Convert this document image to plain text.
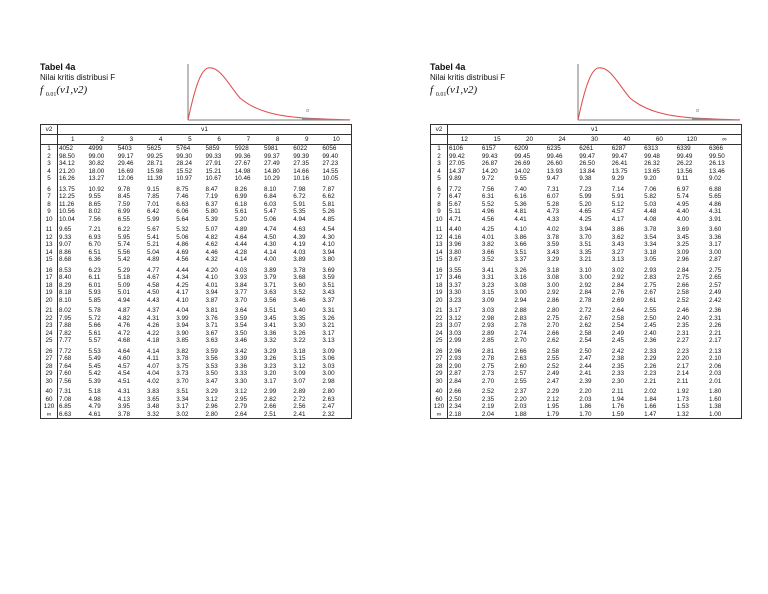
Tabel 4a
Nilai kritis distribusi F
f $_{0.01}$(ν1,ν2)
α
ν2	ν1									
	1	2	3	4	5	6	7	8	9	10
1	4052	4999	5403	5625	5764	5859	5928	5981	6022	6056
2	98.50	99.00	99.17	99.25	99.30	99.33	99.36	99.37	99.39	99.40
3	34.12	30.82	29.46	28.71	28.24	27.91	27.67	27.49	27.35	27.23
4	21.20	18.00	16.69	15.98	15.52	15.21	14.98	14.80	14.66	14.55
5	16.26	13.27	12.06	11.39	10.97	10.67	10.46	10.29	10.16	10.05
6	13.75	10.92	9.78	9.15	8.75	8.47	8.26	8.10	7.98	7.87
7	12.25	9.55	8.45	7.85	7.46	7.19	6.99	6.84	6.72	6.62
8	11.26	8.65	7.59	7.01	6.63	6.37	6.18	6.03	5.91	5.81
9	10.56	8.02	6.99	6.42	6.06	5.80	5.61	5.47	5.35	5.26
10	10.04	7.56	6.55	5.99	5.64	5.39	5.20	5.06	4.94	4.85
11	9.65	7.21	6.22	5.67	5.32	5.07	4.89	4.74	4.63	4.54
12	9.33	6.93	5.95	5.41	5.06	4.82	4.64	4.50	4.39	4.30
13	9.07	6.70	5.74	5.21	4.86	4.62	4.44	4.30	4.19	4.10
14	8.86	6.51	5.56	5.04	4.69	4.46	4.28	4.14	4.03	3.94
15	8.68	6.36	5.42	4.89	4.56	4.32	4.14	4.00	3.89	3.80
16	8.53	6.23	5.29	4.77	4.44	4.20	4.03	3.89	3.78	3.69
17	8.40	6.11	5.18	4.67	4.34	4.10	3.93	3.79	3.68	3.59
18	8.29	6.01	5.09	4.58	4.25	4.01	3.84	3.71	3.60	3.51
19	8.18	5.93	5.01	4.50	4.17	3.94	3.77	3.63	3.52	3.43
20	8.10	5.85	4.94	4.43	4.10	3.87	3.70	3.56	3.46	3.37
21	8.02	5.78	4.87	4.37	4.04	3.81	3.64	3.51	3.40	3.31
22	7.95	5.72	4.82	4.31	3.99	3.76	3.59	3.45	3.35	3.26
23	7.88	5.66	4.76	4.26	3.94	3.71	3.54	3.41	3.30	3.21
24	7.82	5.61	4.72	4.22	3.90	3.67	3.50	3.36	3.26	3.17
25	7.77	5.57	4.68	4.18	3.85	3.63	3.46	3.32	3.22	3.13
26	7.72	5.53	4.64	4.14	3.82	3.59	3.42	3.29	3.18	3.09
27	7.68	5.49	4.60	4.11	3.78	3.56	3.39	3.26	3.15	3.06
28	7.64	5.45	4.57	4.07	3.75	3.53	3.36	3.23	3.12	3.03
29	7.60	5.42	4.54	4.04	3.73	3.50	3.33	3.20	3.09	3.00
30	7.56	5.39	4.51	4.02	3.70	3.47	3.30	3.17	3.07	2.98
40	7.31	5.18	4.31	3.83	3.51	3.29	3.12	2.99	2.89	2.80
60	7.08	4.98	4.13	3.65	3.34	3.12	2.95	2.82	2.72	2.63
120	6.85	4.79	3.95	3.48	3.17	2.96	2.79	2.66	2.56	2.47
∞	6.63	4.61	3.78	3.32	3.02	2.80	2.64	2.51	2.41	2.32
Tabel 4a
Nilai kritis distribusi F
f $_{0.01}$(ν1,ν2)
α
ν2	ν1								
	12	15	20	24	30	40	60	120	∞
1	6106	6157	6209	6235	6261	6287	6313	6339	6366
2	99.42	99.43	99.45	99.46	99.47	99.47	99.48	99.49	99.50
3	27.05	26.87	26.69	26.60	26.50	26.41	26.32	26.22	26.13
4	14.37	14.20	14.02	13.93	13.84	13.75	13.65	13.56	13.46
5	9.89	9.72	9.55	9.47	9.38	9.29	9.20	9.11	9.02
6	7.72	7.56	7.40	7.31	7.23	7.14	7.06	6.97	6.88
7	6.47	6.31	6.16	6.07	5.99	5.91	5.82	5.74	5.65
8	5.67	5.52	5.36	5.28	5.20	5.12	5.03	4.95	4.86
9	5.11	4.96	4.81	4.73	4.65	4.57	4.48	4.40	4.31
10	4.71	4.56	4.41	4.33	4.25	4.17	4.08	4.00	3.91
11	4.40	4.25	4.10	4.02	3.94	3.86	3.78	3.69	3.60
12	4.16	4.01	3.86	3.78	3.70	3.62	3.54	3.45	3.36
13	3.96	3.82	3.66	3.59	3.51	3.43	3.34	3.25	3.17
14	3.80	3.66	3.51	3.43	3.35	3.27	3.18	3.09	3.00
15	3.67	3.52	3.37	3.29	3.21	3.13	3.05	2.96	2.87
16	3.55	3.41	3.26	3.18	3.10	3.02	2.93	2.84	2.75
17	3.46	3.31	3.16	3.08	3.00	2.92	2.83	2.75	2.65
18	3.37	3.23	3.08	3.00	2.92	2.84	2.75	2.66	2.57
19	3.30	3.15	3.00	2.92	2.84	2.76	2.67	2.58	2.49
20	3.23	3.09	2.94	2.86	2.78	2.69	2.61	2.52	2.42
21	3.17	3.03	2.88	2.80	2.72	2.64	2.55	2.46	2.36
22	3.12	2.98	2.83	2.75	2.67	2.58	2.50	2.40	2.31
23	3.07	2.93	2.78	2.70	2.62	2.54	2.45	2.35	2.26
24	3.03	2.89	2.74	2.66	2.58	2.49	2.40	2.31	2.21
25	2.99	2.85	2.70	2.62	2.54	2.45	2.36	2.27	2.17
26	2.96	2.81	2.66	2.58	2.50	2.42	2.33	2.23	2.13
27	2.93	2.78	2.63	2.55	2.47	2.38	2.29	2.20	2.10
28	2.90	2.75	2.60	2.52	2.44	2.35	2.26	2.17	2.06
29	2.87	2.73	2.57	2.49	2.41	2.33	2.23	2.14	2.03
30	2.84	2.70	2.55	2.47	2.39	2.30	2.21	2.11	2.01
40	2.66	2.52	2.37	2.29	2.20	2.11	2.02	1.92	1.80
60	2.50	2.35	2.20	2.12	2.03	1.94	1.84	1.73	1.60
120	2.34	2.19	2.03	1.95	1.86	1.76	1.66	1.53	1.38
∞	2.18	2.04	1.88	1.79	1.70	1.59	1.47	1.32	1.00
